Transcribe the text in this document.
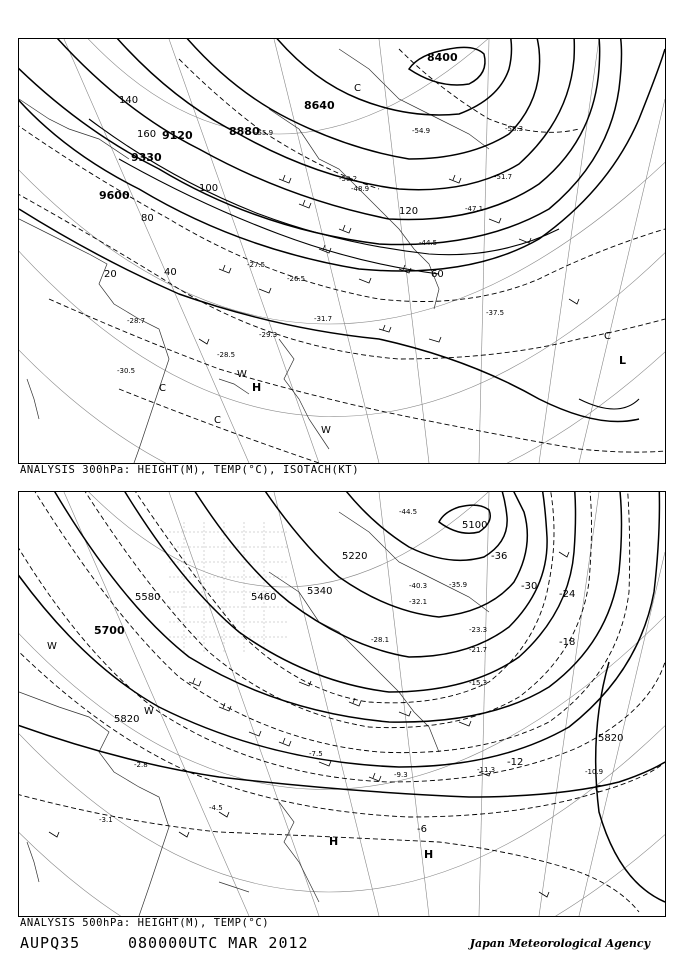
9600
9330
9120	8880
8640
8400
20	40	60
80
100
120
140
160
-28.7
-30.5
-28.5
-27.5
-26.5
-31.7
-29.3
-37.5
-44.5
-48.9
-50.2
-55.9	-54.9	-58.3
-51.7
-47.1
H
L
C
C
C
C
W
W
ANALYSIS 300hPa: HEIGHT(M), TEMP(°C), ISOTACH(KT)
5700
5580	5460
5340
5220
5100
5820
5820
-36
-30
-24
-18
-12
-6
-2.8
-4.5
-3.1
-7.5
-9.3
-11.3	-10.9
-15.3
-21.7
-23.3
-28.1
-32.1
-35.9
-40.3
-44.5
H
H
W
W
C
ANALYSIS 500hPa: HEIGHT(M), TEMP(°C)
AUPQ35	080000UTC MAR 2012	Japan Meteorological Agency
